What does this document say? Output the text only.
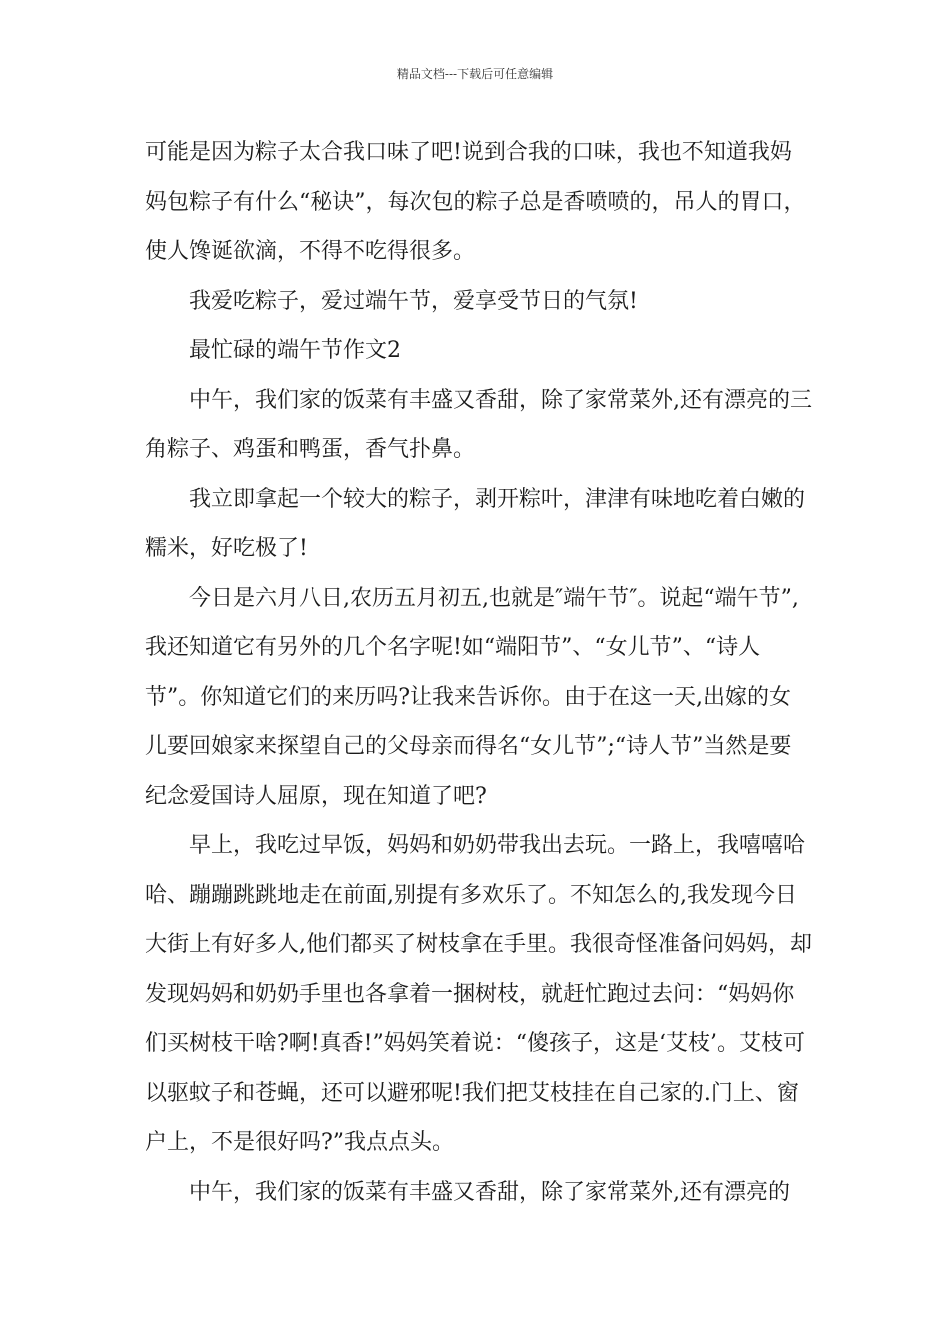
精品文档---下载后可任意编辑

可能是因为粽子太合我口味了吧!说到合我的口味，我也不知道我妈妈包粽子有什么“秘诀”，每次包的粽子总是香喷喷的，吊人的胃口，使人馋诞欲滴，不得不吃得很多。

我爱吃粽子，爱过端午节，爱享受节日的气氛!

最忙碌的端午节作文2

中午，我们家的饭菜有丰盛又香甜，除了家常菜外,还有漂亮的三角粽子、鸡蛋和鸭蛋，香气扑鼻。

我立即拿起一个较大的粽子，剥开粽叶，津津有味地吃着白嫩的糯米，好吃极了!

今日是六月八日,农历五月初五,也就是″端午节″。说起“端午节”,我还知道它有另外的几个名字呢!如“端阳节”、“女儿节”、“诗人节”。你知道它们的来历吗?让我来告诉你。由于在这一天,出嫁的女儿要回娘家来探望自己的父母亲而得名“女儿节”;“诗人节”当然是要纪念爱国诗人屈原，现在知道了吧?

早上，我吃过早饭，妈妈和奶奶带我出去玩。一路上，我嘻嘻哈哈、蹦蹦跳跳地走在前面,别提有多欢乐了。不知怎么的,我发现今日大街上有好多人,他们都买了树枝拿在手里。我很奇怪准备问妈妈，却发现妈妈和奶奶手里也各拿着一捆树枝，就赶忙跑过去问：“妈妈你们买树枝干啥?啊!真香!”妈妈笑着说：“傻孩子，这是‘艾枝’。艾枝可以驱蚊子和苍蝇，还可以避邪呢!我们把艾枝挂在自己家的.门上、窗户上，不是很好吗?”我点点头。

中午，我们家的饭菜有丰盛又香甜，除了家常菜外,还有漂亮的
